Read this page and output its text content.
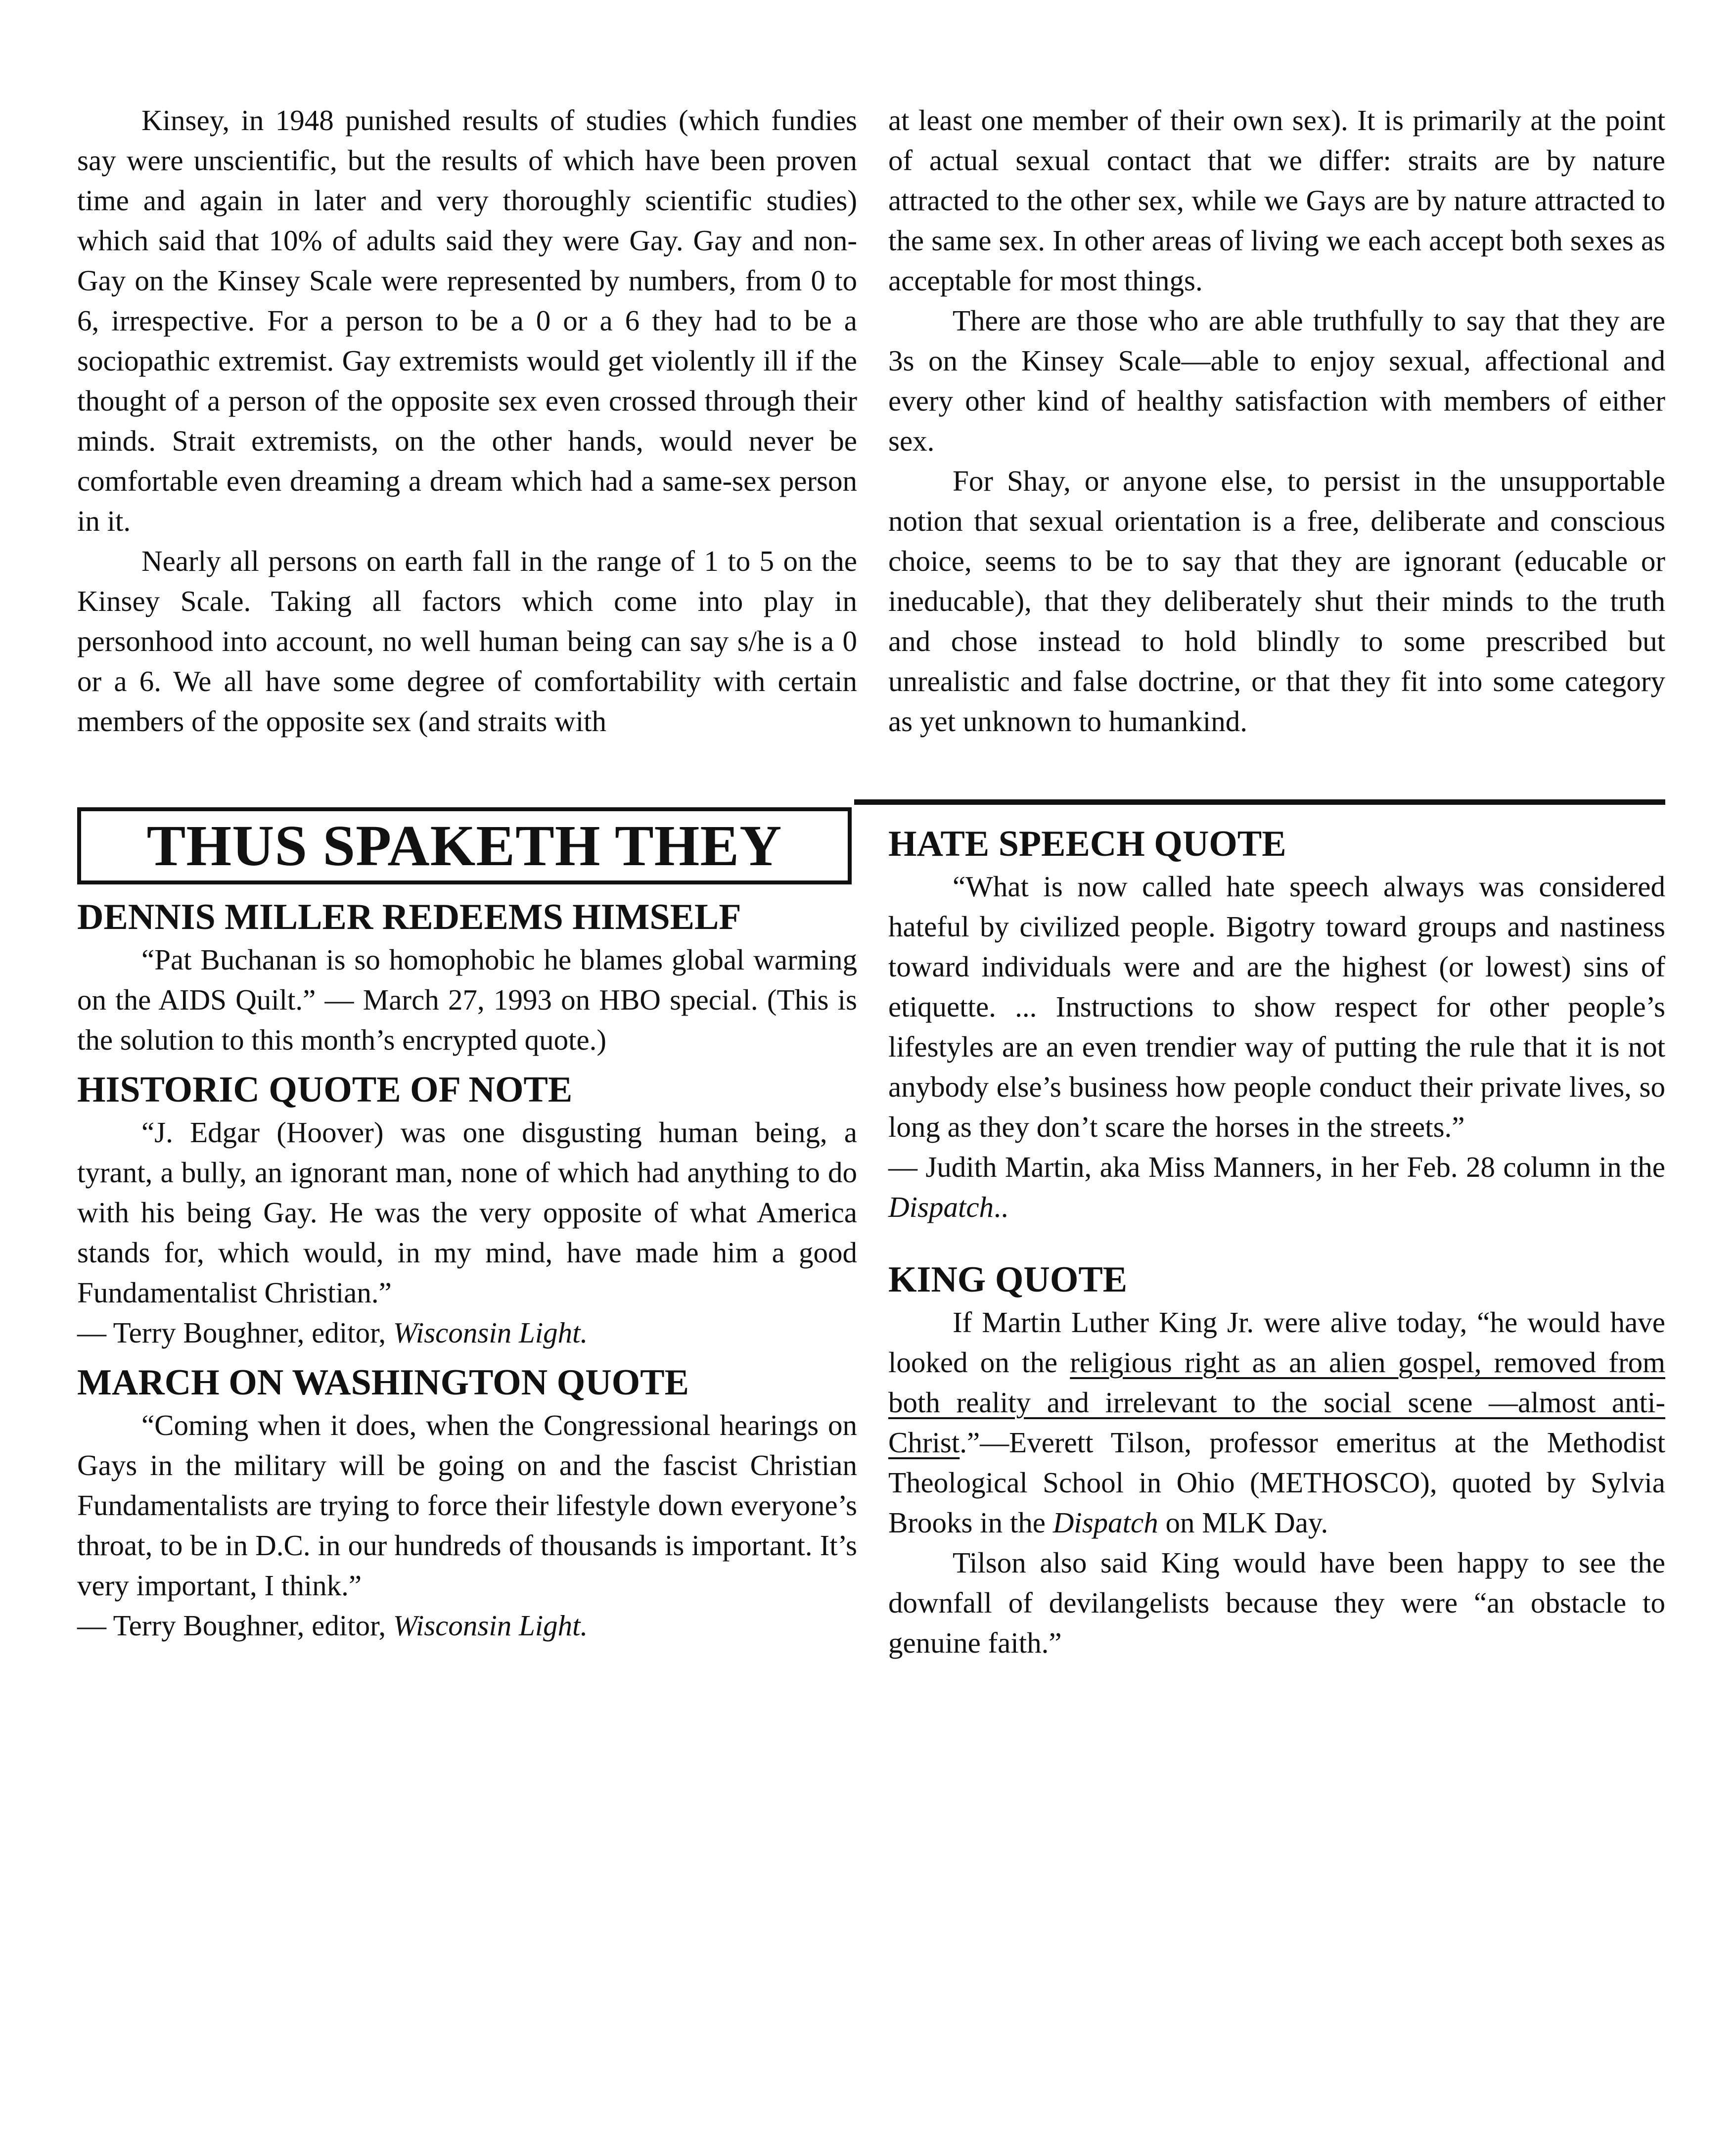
Kinsey, in 1948 punished results of studies (which fundies say were unscientific, but the results of which have been proven time and again in later and very thoroughly scientific studies) which said that 10% of adults said they were Gay. Gay and non-Gay on the Kinsey Scale were represented by numbers, from 0 to 6, irrespective. For a person to be a 0 or a 6 they had to be a sociopathic extremist. Gay extremists would get violently ill if the thought of a person of the opposite sex even crossed through their minds. Strait extremists, on the other hands, would never be comfortable even dreaming a dream which had a same-sex person in it.

Nearly all persons on earth fall in the range of 1 to 5 on the Kinsey Scale. Taking all factors which come into play in personhood into account, no well human being can say s/he is a 0 or a 6. We all have some degree of comfortability with certain members of the opposite sex (and straits with

at least one member of their own sex). It is primarily at the point of actual sexual contact that we differ: straits are by nature attracted to the other sex, while we Gays are by nature attracted to the same sex. In other areas of living we each accept both sexes as acceptable for most things.

There are those who are able truthfully to say that they are 3s on the Kinsey Scale—able to enjoy sexual, affectional and every other kind of healthy satisfaction with members of either sex.

For Shay, or anyone else, to persist in the unsupportable notion that sexual orientation is a free, deliberate and conscious choice, seems to be to say that they are ignorant (educable or ineducable), that they deliberately shut their minds to the truth and chose instead to hold blindly to some prescribed but unrealistic and false doctrine, or that they fit into some category as yet unknown to humankind.

THUS SPAKETH THEY
DENNIS MILLER REDEEMS HIMSELF

“Pat Buchanan is so homophobic he blames global warming on the AIDS Quilt.” — March 27, 1993 on HBO special. (This is the solution to this month’s encrypted quote.)

HISTORIC QUOTE OF NOTE

“J. Edgar (Hoover) was one disgusting human being, a tyrant, a bully, an ignorant man, none of which had anything to do with his being Gay. He was the very opposite of what America stands for, which would, in my mind, have made him a good Fundamentalist Christian.”

— Terry Boughner, editor, Wisconsin Light.

MARCH ON WASHINGTON QUOTE

“Coming when it does, when the Congressional hearings on Gays in the military will be going on and the fascist Christian Fundamentalists are trying to force their lifestyle down everyone’s throat, to be in D.C. in our hundreds of thousands is important. It’s very important, I think.”

— Terry Boughner, editor, Wisconsin Light.

HATE SPEECH QUOTE

“What is now called hate speech always was considered hateful by civilized people. Bigotry toward groups and nastiness toward individuals were and are the highest (or lowest) sins of etiquette. ... Instructions to show respect for other people’s lifestyles are an even trendier way of putting the rule that it is not anybody else’s business how people conduct their private lives, so long as they don’t scare the horses in the streets.”

— Judith Martin, aka Miss Manners, in her Feb. 28 column in the Dispatch..

KING QUOTE

If Martin Luther King Jr. were alive today, “he would have looked on the religious right as an alien gospel, removed from both reality and irrelevant to the social scene —almost anti-Christ.”—Everett Tilson, professor emeritus at the Methodist Theological School in Ohio (METHOSCO), quoted by Sylvia Brooks in the Dispatch on MLK Day.

Tilson also said King would have been happy to see the downfall of devilangelists because they were “an obstacle to genuine faith.”
